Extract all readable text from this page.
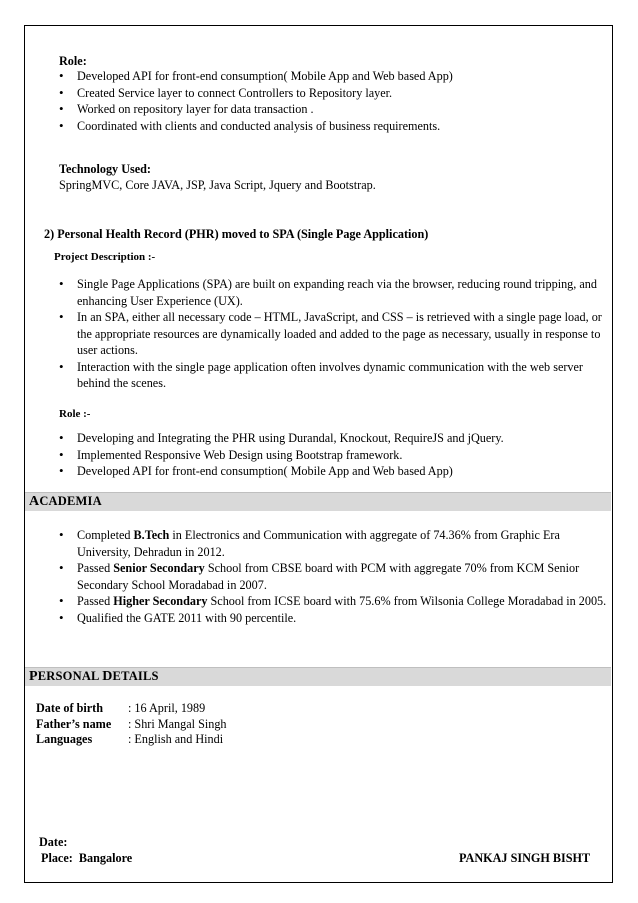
Role:
• Developed API for front-end consumption( Mobile App and Web based App)
• Created Service layer to connect Controllers to Repository layer.
• Worked on repository layer for data transaction .
• Coordinated with clients and conducted analysis of business requirements.
Technology Used:
SpringMVC, Core JAVA, JSP, Java Script, Jquery and Bootstrap.
2) Personal Health Record (PHR) moved to SPA (Single Page Application)
Project Description :-
• Single Page Applications (SPA) are built on expanding reach via the browser, reducing round tripping, and enhancing User Experience (UX).
• In an SPA, either all necessary code – HTML, JavaScript, and CSS – is retrieved with a single page load, or the appropriate resources are dynamically loaded and added to the page as necessary, usually in response to user actions.
• Interaction with the single page application often involves dynamic communication with the web server behind the scenes.
Role :-
• Developing and Integrating the PHR using Durandal, Knockout, RequireJS and jQuery.
• Implemented Responsive Web Design using Bootstrap framework.
• Developed API for front-end consumption( Mobile App and Web based App)
ACADEMIA
• Completed B.Tech in Electronics and Communication with aggregate of 74.36% from Graphic Era University, Dehradun in 2012.
• Passed Senior Secondary School from CBSE board with PCM with aggregate 70% from KCM Senior Secondary School Moradabad in 2007.
• Passed Higher Secondary School from ICSE board with 75.6% from Wilsonia College Moradabad in 2005.
• Qualified the GATE 2011 with 90 percentile.
PERSONAL DETAILS
Date of birth	: 16 April, 1989
Father’s name	: Shri Mangal Singh
Languages	: English and Hindi
Date:
Place: Bangalore	PANKAJ SINGH BISHT
